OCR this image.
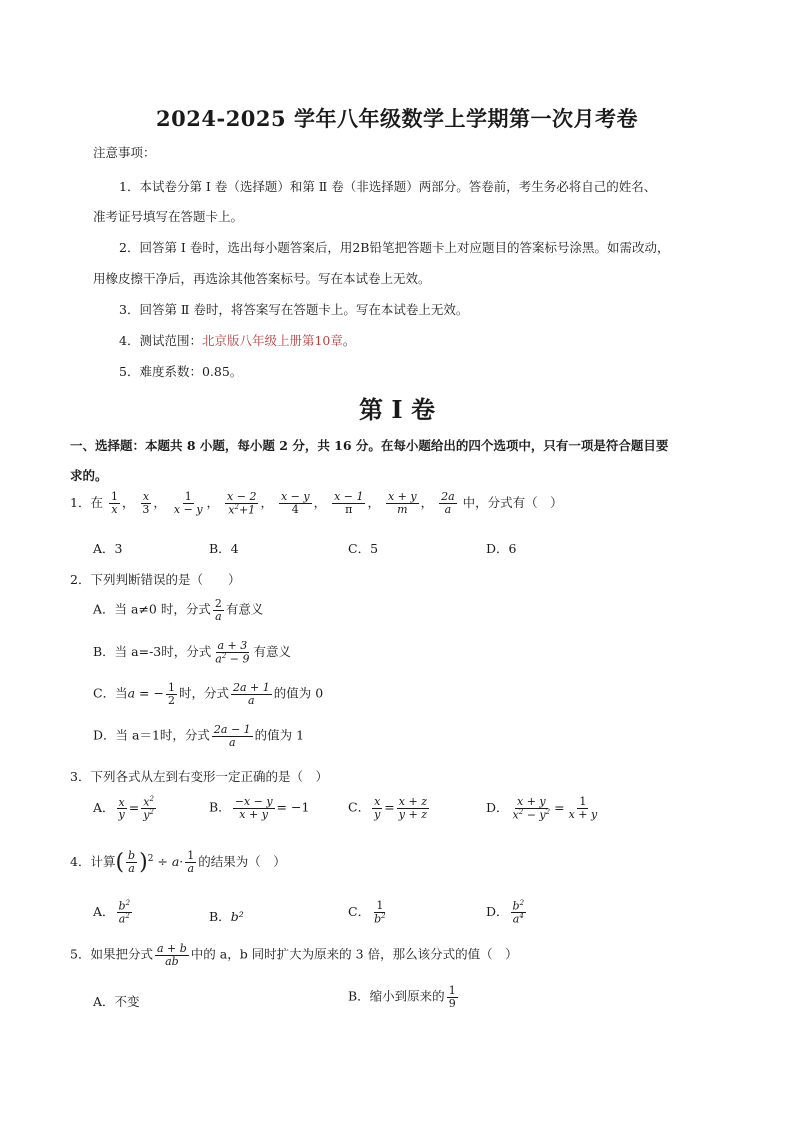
2024-2025 学年八年级数学上学期第一次月考卷
注意事项：
1．本试卷分第 Ⅰ 卷（选择题）和第 Ⅱ 卷（非选择题）两部分。答卷前，考生务必将自己的姓名、
准考证号填写在答题卡上。
2．回答第 Ⅰ 卷时，选出每小题答案后，用2B铅笔把答题卡上对应题目的答案标号涂黑。如需改动，
用橡皮擦干净后，再选涂其他答案标号。写在本试卷上无效。
3．回答第 Ⅱ 卷时，将答案写在答题卡上。写在本试卷上无效。
4．测试范围：北京版八年级上册第10章。
5．难度系数：0.85。
第 I 卷
一、选择题：本题共 8 小题，每小题 2 分，共 16 分。在每小题给出的四个选项中，只有一项是符合题目要
求的。
1．在 $\frac{1}{x}$ ， $\frac{x}{3}$ ， $\frac{1}{x - y}$ ， $\frac{x - 2}{x^2+1}$ ， $\frac{x - y}{4}$ ， $\frac{x - 1}{\pi}$ ， $\frac{x + y}{m}$ ， $\frac{2a}{a}$ 中，分式有（　）
A．3	B．4	C．5	D．6
2．下列判断错误的是（　　）
A．当 a≠0 时，分式 $\frac{2}{a}$ 有意义
B．当 a=-3时，分式 $\frac{a + 3}{a^2 - 9}$ 有意义
C．当a = − $\frac{1}{2}$ 时，分式 $\frac{2a + 1}{a}$ 的值为 0
D．当 a＝1时，分式 $\frac{2a - 1}{a}$ 的值为 1
3．下列各式从左到右变形一定正确的是（　）
A． $\frac{x}{y} = \frac{x^2}{y^2}$	B． $\frac{-x - y}{x + y} = -1$	C． $\frac{x}{y} = \frac{x + z}{y + z}$	D． $\frac{x + y}{x^2 - y^2} = \frac{1}{x + y}$
4．计算( $\frac{b}{a} )^2 \div a\cdot \frac{1}{a}$ 的结果为（　）
A． $\frac{b^2}{a^2}$	B．b²	C． $\frac{1}{b^2}$	D． $\frac{b^2}{a^4}$
5．如果把分式 $\frac{a + b}{ab}$ 中的 a，b 同时扩大为原来的 3 倍，那么该分式的值（　）
A．不变	B．缩小到原来的 $\frac{1}{9}$
